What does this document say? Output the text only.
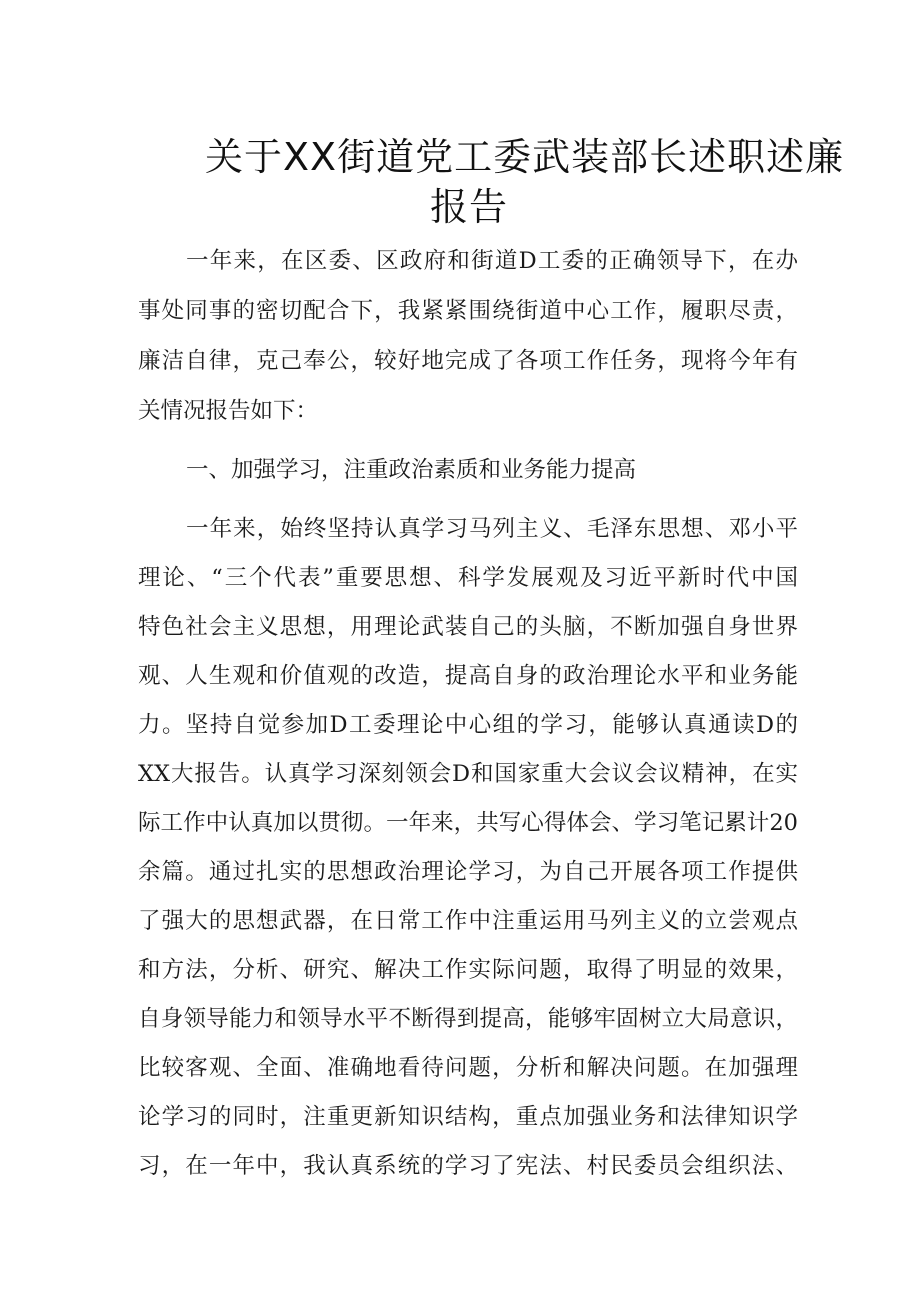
关于XX街道党工委武装部长述职述廉
报告
一年来，在区委、区政府和街道D工委的正确领导下，在办
事处同事的密切配合下，我紧紧围绕街道中心工作，履职尽责，
廉洁自律，克己奉公，较好地完成了各项工作任务，现将今年有
关情况报告如下：
一、加强学习，注重政治素质和业务能力提高
一年来，始终坚持认真学习马列主义、毛泽东思想、邓小平
理论、“三个代表”重要思想、科学发展观及习近平新时代中国
特色社会主义思想，用理论武装自己的头脑，不断加强自身世界
观、人生观和价值观的改造，提高自身的政治理论水平和业务能
力。坚持自觉参加D工委理论中心组的学习，能够认真通读D的
XX大报告。认真学习深刻领会D和国家重大会议会议精神，在实
际工作中认真加以贯彻。一年来，共写心得体会、学习笔记累计20
余篇。通过扎实的思想政治理论学习，为自己开展各项工作提供
了强大的思想武器，在日常工作中注重运用马列主义的立尝观点
和方法，分析、研究、解决工作实际问题，取得了明显的效果，
自身领导能力和领导水平不断得到提高，能够牢固树立大局意识，
比较客观、全面、准确地看待问题，分析和解决问题。在加强理
论学习的同时，注重更新知识结构，重点加强业务和法律知识学
习，在一年中，我认真系统的学习了宪法、村民委员会组织法、
